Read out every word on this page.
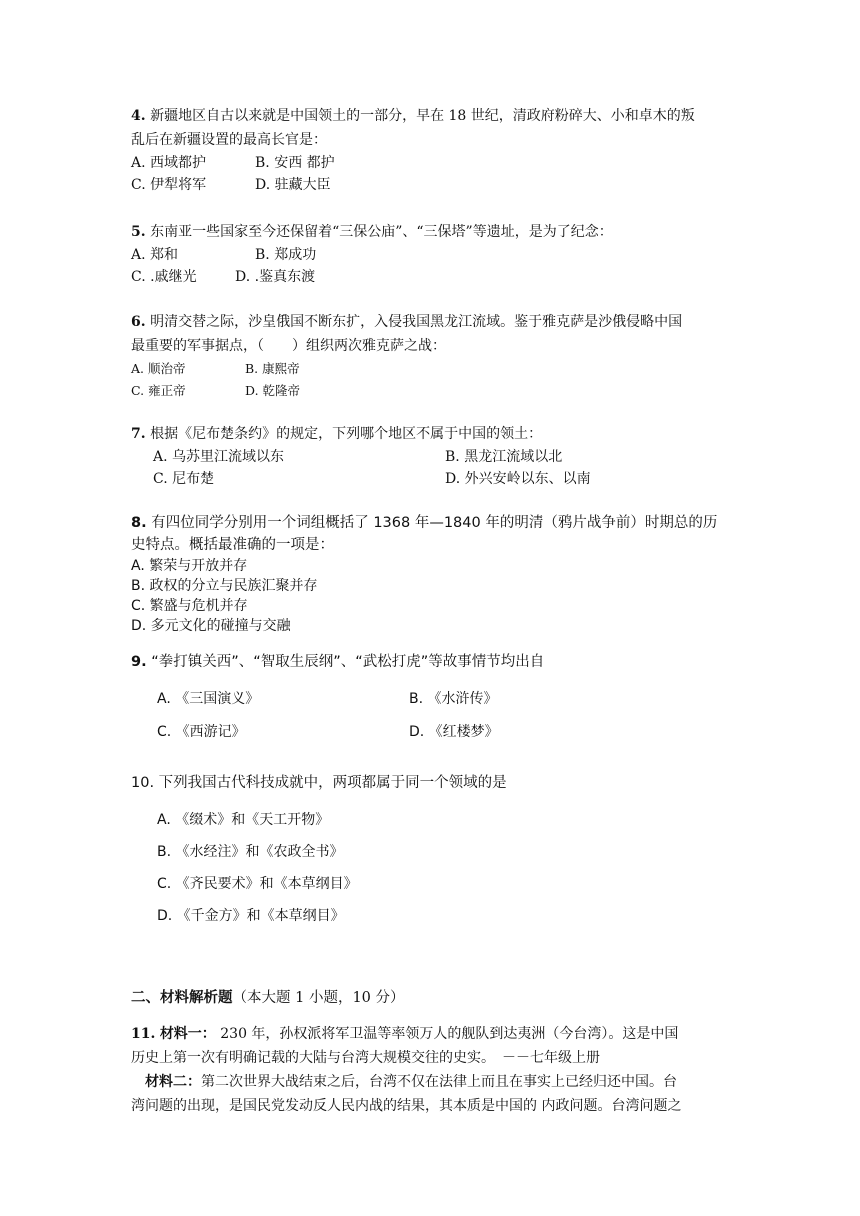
4. 新疆地区自古以来就是中国领土的一部分，早在 18 世纪，清政府粉碎大、小和卓木的叛
乱后在新疆设置的最高长官是：

A. 西域都护	B. 安西 都护
C. 伊犁将军	D. 驻藏大臣

5. 东南亚一些国家至今还保留着“三保公庙”、“三保塔”等遗址，是为了纪念：

A. 郑和	B. 郑成功
C. .戚继光	D. .鉴真东渡

6. 明清交替之际，沙皇俄国不断东扩，入侵我国黑龙江流域。鉴于雅克萨是沙俄侵略中国
最重要的军事据点，（　　）组织两次雅克萨之战：

A. 顺治帝	B. 康熙帝
C. 雍正帝	D. 乾隆帝

7. 根据《尼布楚条约》的规定，下列哪个地区不属于中国的领土：

A. 乌苏里江流域以东	B. 黑龙江流域以北
C. 尼布楚	D. 外兴安岭以东、以南

8. 有四位同学分别用一个词组概括了 1368 年—1840 年的明清（鸦片战争前）时期总的历
史特点。概括最准确的一项是：

A. 繁荣与开放并存
B. 政权的分立与民族汇聚并存
C. 繁盛与危机并存
D. 多元文化的碰撞与交融

9. “拳打镇关西”、“智取生辰纲”、“武松打虎”等故事情节均出自

A. 《三国演义》	B. 《水浒传》
C. 《西游记》	D. 《红楼梦》

10. 下列我国古代科技成就中，两项都属于同一个领域的是

A. 《缀术》和《天工开物》
B. 《水经注》和《农政全书》
C. 《齐民要术》和《本草纲目》
D. 《千金方》和《本草纲目》

二、材料解析题（本大题 1 小题，10 分）

11. 材料一： 230 年，孙权派将军卫温等率领万人的舰队到达夷洲（今台湾）。这是中国
历史上第一次有明确记载的大陆与台湾大规模交往的史实。　－－七年级上册

材料二：第二次世界大战结束之后，台湾不仅在法律上而且在事实上已经归还中国。台

湾问题的出现，是国民党发动反人民内战的结果，其本质是中国的 内政问题。台湾问题之
